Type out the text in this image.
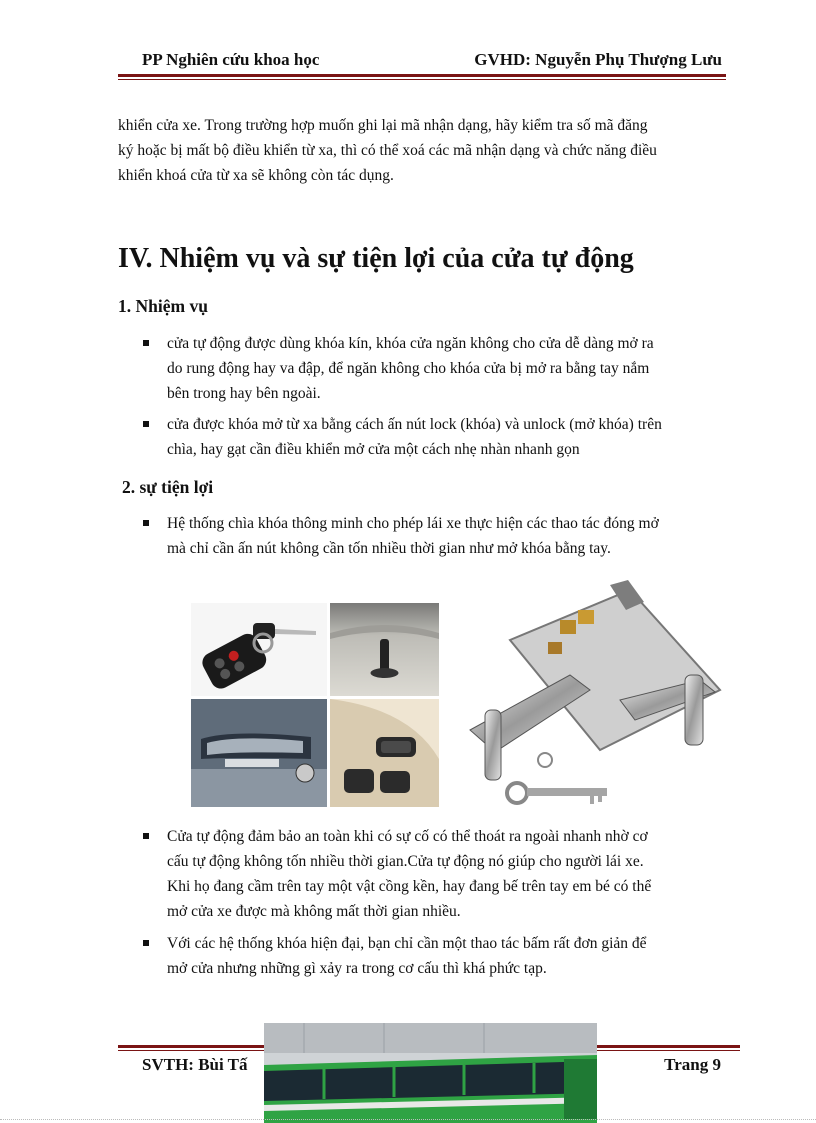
PP Nghiên cứu khoa học	GVHD: Nguyễn Phụ Thượng Lưu
khiển cửa xe. Trong trường hợp muốn ghi lại mã nhận dạng, hãy kiểm tra số mã đăng
ký hoặc bị mất bộ điều khiển từ xa, thì có thể xoá các mã nhận dạng và chức năng điều
khiển khoá cửa từ xa sẽ không còn tác dụng.
IV. Nhiệm vụ và sự tiện lợi của cửa tự động
1. Nhiệm vụ
cửa tự động được dùng khóa kín, khóa cửa ngăn không cho cửa dễ dàng mở ra
do rung động hay va đập, để ngăn không cho khóa cửa bị mở ra bằng tay nắm
bên trong hay bên ngoài.
cửa được khóa mở từ xa bằng cách ấn nút lock (khóa) và unlock (mở khóa) trên
chìa, hay gạt cần điều khiển mở cửa một cách nhẹ nhàn nhanh gọn
2. sự tiện lợi
Hệ thống chìa khóa thông minh cho phép lái xe thực hiện các thao tác đóng mở
mà chỉ cần ấn nút không cần tốn nhiều thời gian như mở khóa bằng tay.
Cửa tự động đảm bảo an toàn khi có sự cố có thể thoát ra ngoài nhanh nhờ cơ
cấu tự động không tốn nhiều thời gian.Cửa tự động nó giúp cho người lái xe.
Khi họ đang cầm trên tay một vật cồng kền, hay đang bế trên tay em bé có thể
mở cửa xe được mà không mất thời gian nhiều.
Với các hệ thống khóa hiện đại, bạn chỉ cần một thao tác bấm rất đơn giản để
mở cửa nhưng những gì xảy ra trong cơ cấu thì khá phức tạp.
SVTH: Bùi Tấ	Trang 9
